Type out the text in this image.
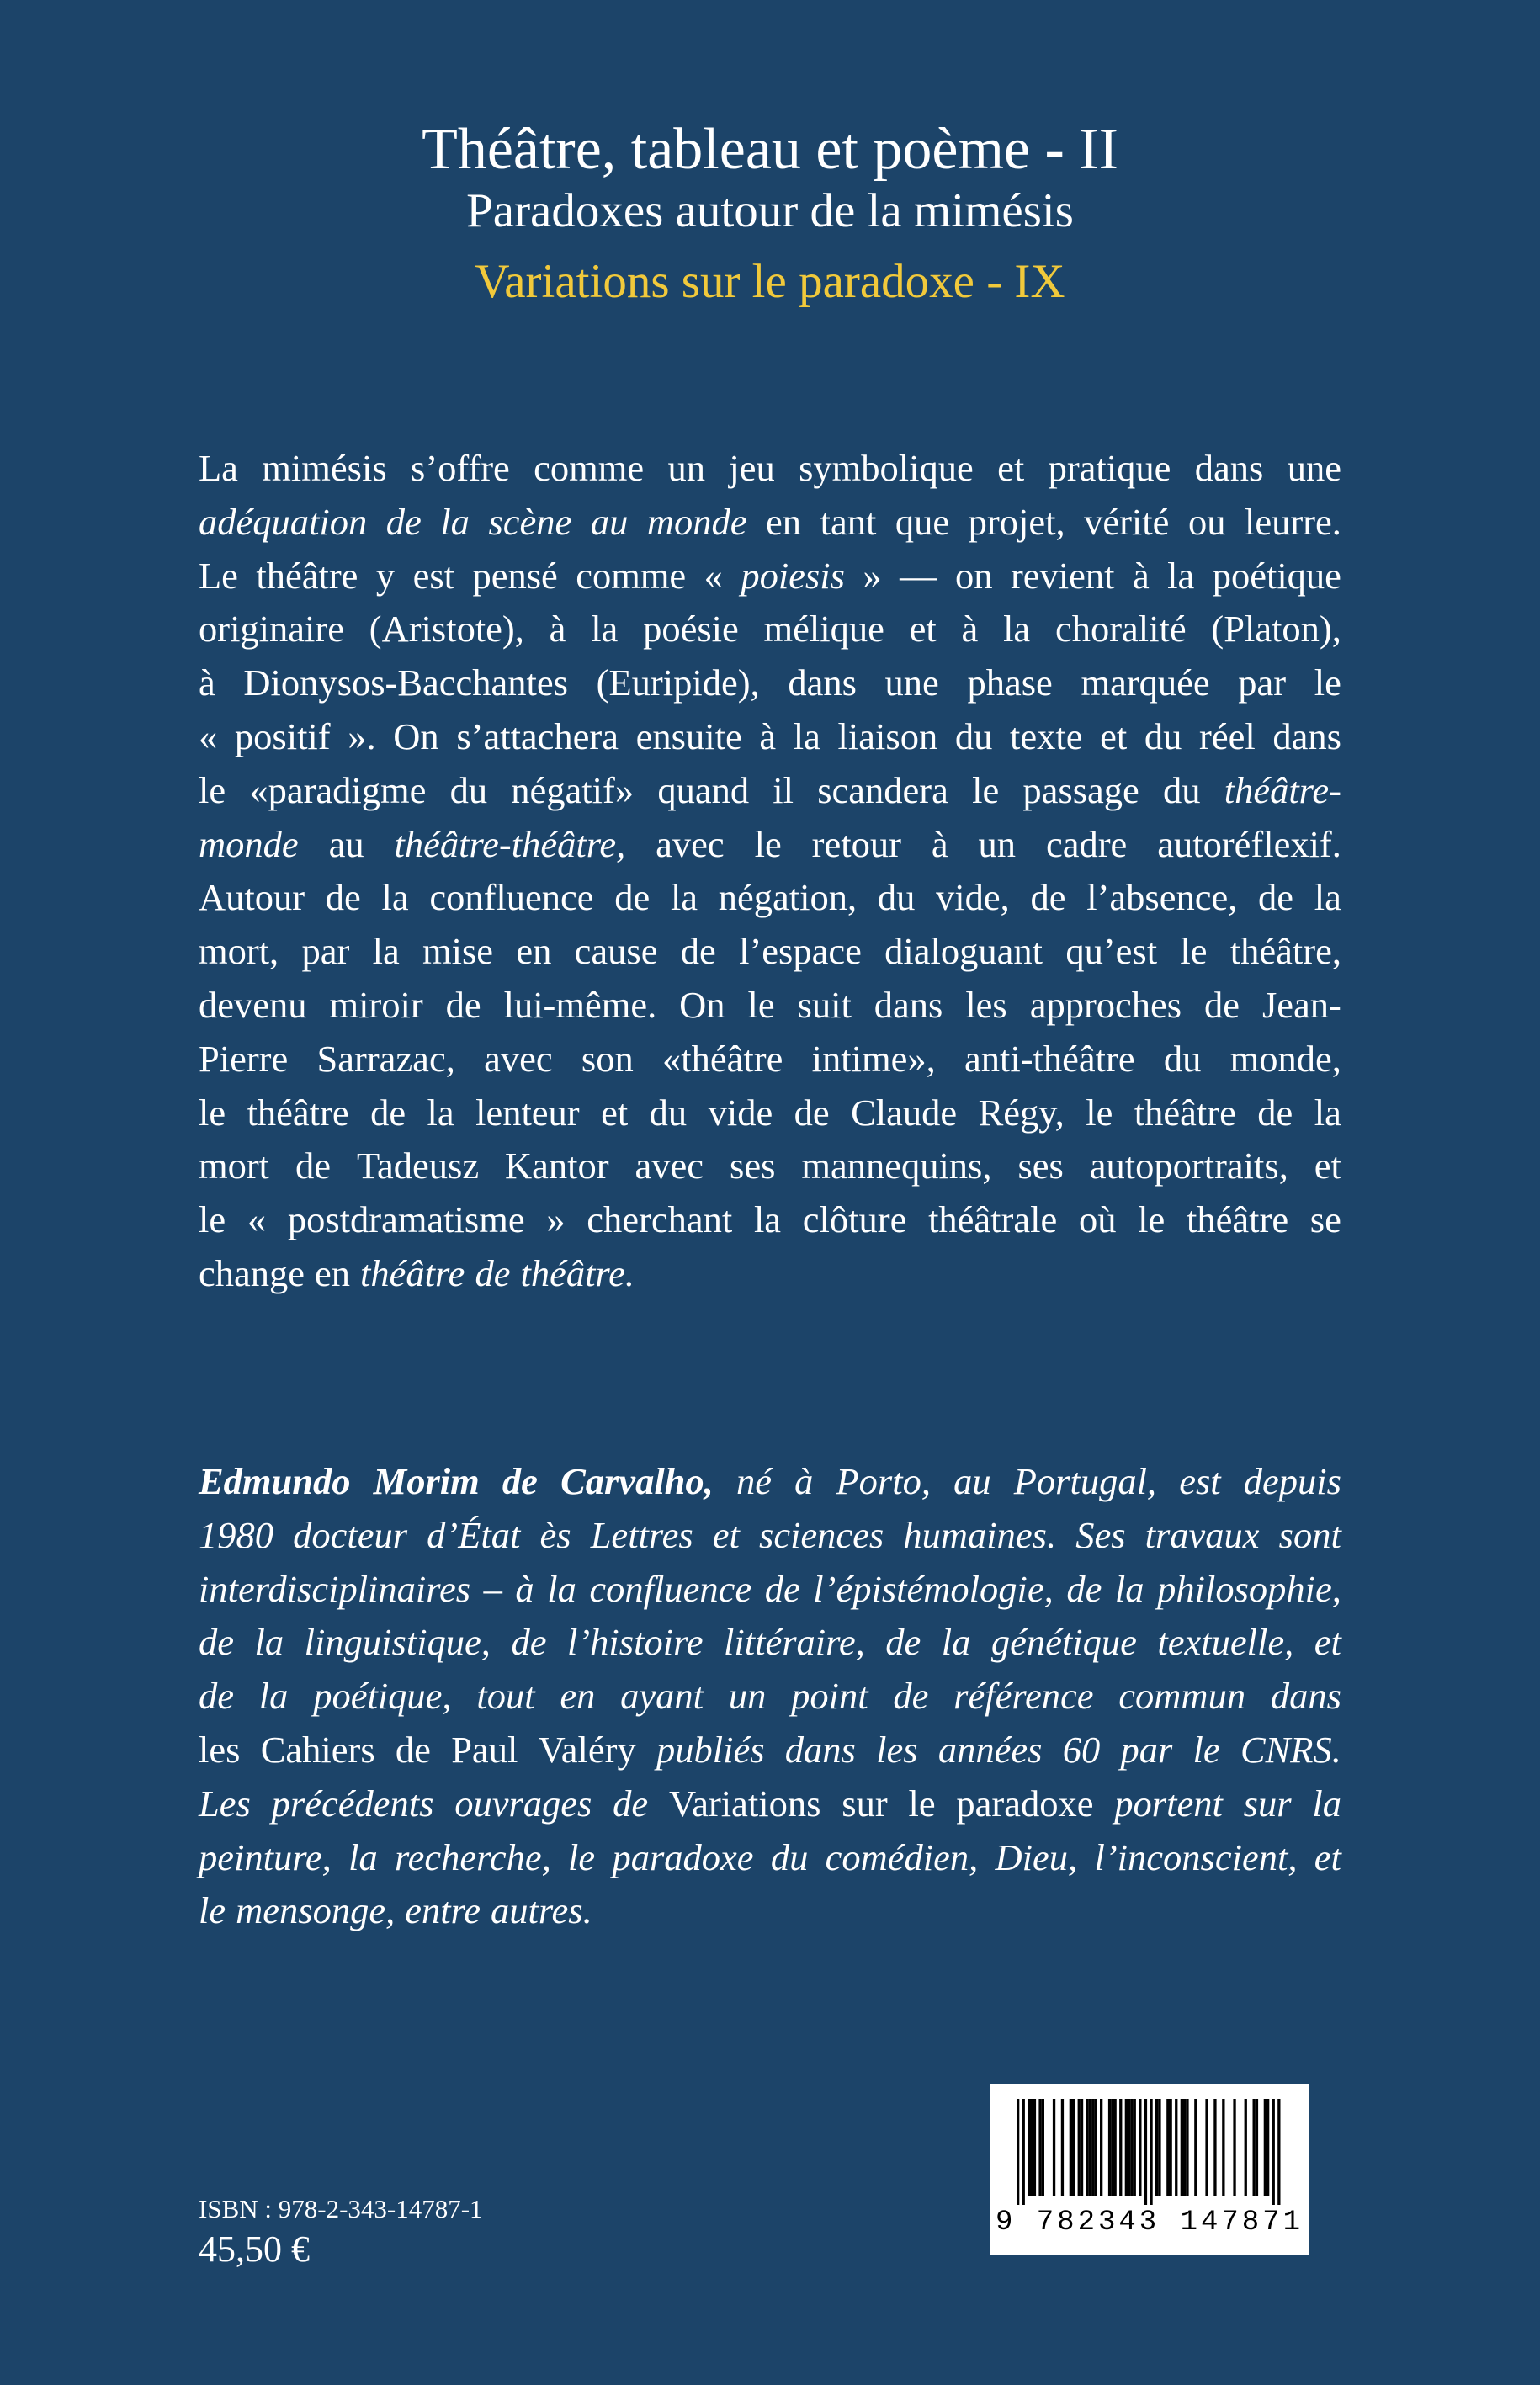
Théâtre, tableau et poème - II
Paradoxes autour de la mimésis
Variations sur le paradoxe - IX
La mimésis s’offre comme un jeu symbolique et pratique dans une
adéquation de la scène au monde en tant que projet, vérité ou leurre.
Le théâtre y est pensé comme « poiesis » — on revient à la poétique
originaire (Aristote), à la poésie mélique et à la choralité (Platon),
à Dionysos-Bacchantes (Euripide), dans une phase marquée par le
« positif ». On s’attachera ensuite à la liaison du texte et du réel dans
le «paradigme du négatif» quand il scandera le passage du théâtre-
monde au théâtre-théâtre, avec le retour à un cadre autoréflexif.
Autour de la confluence de la négation, du vide, de l’absence, de la
mort, par la mise en cause de l’espace dialoguant qu’est le théâtre,
devenu miroir de lui-même. On le suit dans les approches de Jean-
Pierre Sarrazac, avec son «théâtre intime», anti-théâtre du monde,
le théâtre de la lenteur et du vide de Claude Régy, le théâtre de la
mort de Tadeusz Kantor avec ses mannequins, ses autoportraits, et
le « postdramatisme » cherchant la clôture théâtrale où le théâtre se
change en théâtre de théâtre.
Edmundo Morim de Carvalho, né à Porto, au Portugal, est depuis
1980 docteur d’État ès Lettres et sciences humaines. Ses travaux sont
interdisciplinaires – à la confluence de l’épistémologie, de la philosophie,
de la linguistique, de l’histoire littéraire, de la génétique textuelle, et
de la poétique, tout en ayant un point de référence commun dans
les Cahiers de Paul Valéry publiés dans les années 60 par le CNRS.
Les précédents ouvrages de Variations sur le paradoxe portent sur la
peinture, la recherche, le paradoxe du comédien, Dieu, l’inconscient, et
le mensonge, entre autres.
9 782343 147871
ISBN : 978-2-343-14787-1
45,50 €
